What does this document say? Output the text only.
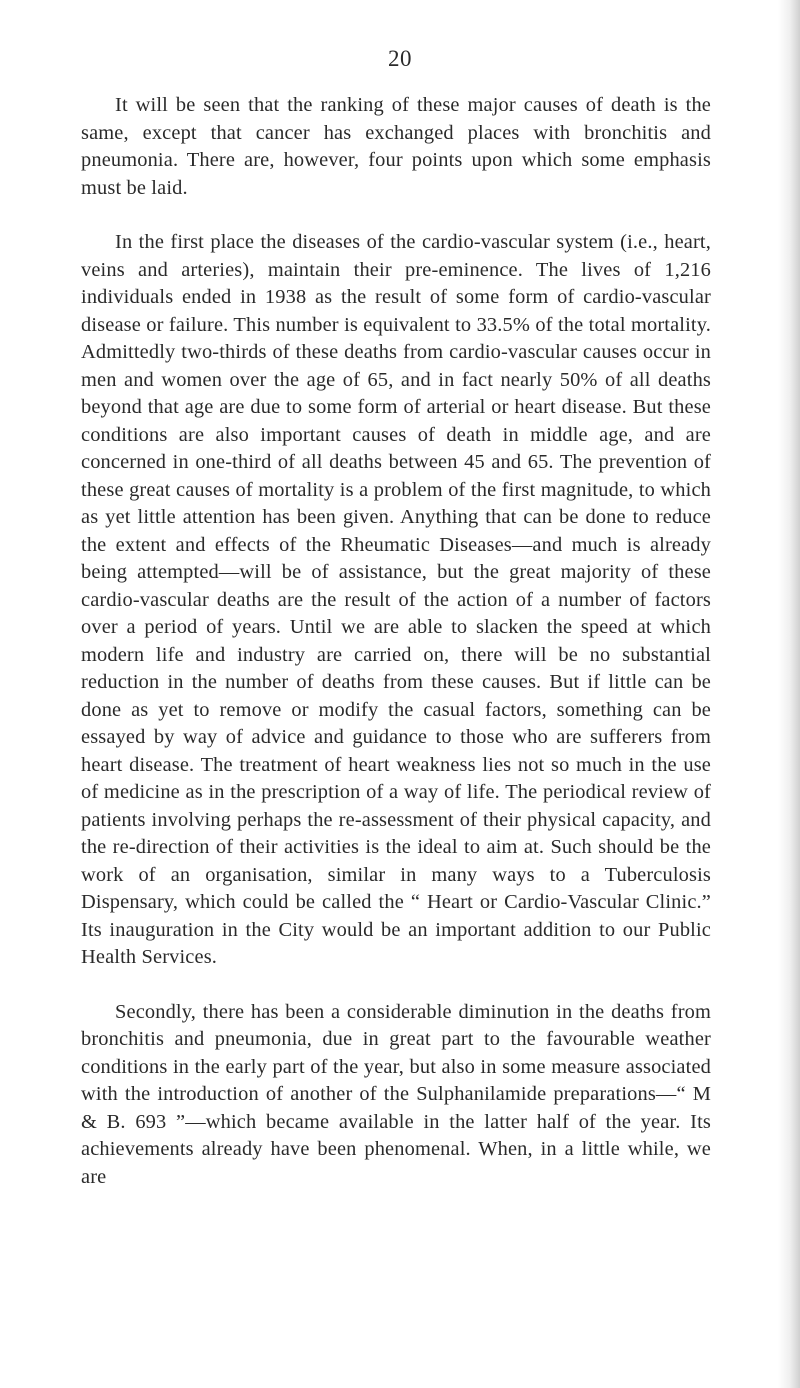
20

It will be seen that the ranking of these major causes of death is the same, except that cancer has exchanged places with bronchitis and pneumonia. There are, however, four points upon which some emphasis must be laid.

In the first place the diseases of the cardio-vascular system (i.e., heart, veins and arteries), maintain their pre-eminence. The lives of 1,216 individuals ended in 1938 as the result of some form of cardio-vascular disease or failure. This number is equivalent to 33.5% of the total mortality. Admittedly two-thirds of these deaths from cardio-vascular causes occur in men and women over the age of 65, and in fact nearly 50% of all deaths beyond that age are due to some form of arterial or heart disease. But these conditions are also important causes of death in middle age, and are concerned in one-third of all deaths between 45 and 65. The prevention of these great causes of mortality is a problem of the first magnitude, to which as yet little attention has been given. Anything that can be done to reduce the extent and effects of the Rheumatic Diseases—and much is already being attempted—will be of assistance, but the great majority of these cardio-vascular deaths are the result of the action of a number of factors over a period of years. Until we are able to slacken the speed at which modern life and industry are carried on, there will be no substantial reduction in the number of deaths from these causes. But if little can be done as yet to remove or modify the casual factors, something can be essayed by way of advice and guidance to those who are sufferers from heart disease. The treatment of heart weakness lies not so much in the use of medicine as in the prescription of a way of life. The periodical review of patients involving perhaps the re-assessment of their physical capacity, and the re-direction of their activities is the ideal to aim at. Such should be the work of an organisation, similar in many ways to a Tuberculosis Dispensary, which could be called the “ Heart or Cardio-Vascular Clinic.” Its inauguration in the City would be an important addition to our Public Health Services.

Secondly, there has been a considerable diminution in the deaths from bronchitis and pneumonia, due in great part to the favourable weather conditions in the early part of the year, but also in some measure associated with the introduction of another of the Sulphanilamide preparations—“ M & B. 693 ”—which became available in the latter half of the year. Its achievements already have been phenomenal. When, in a little while, we are
